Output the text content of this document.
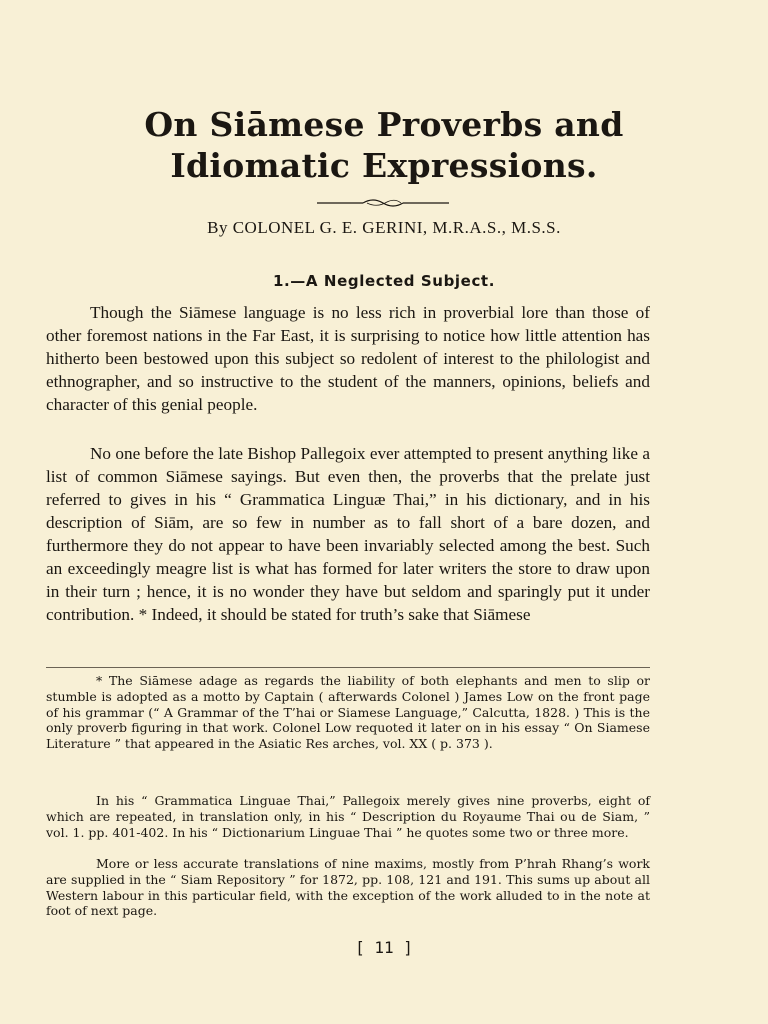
On Siāmese Proverbs and
Idiomatic Expressions.
By COLONEL G. E. GERINI, M.R.A.S., M.S.S.
1.—A Neglected Subject.

Though the Siāmese language is no less rich in proverbial lore than those of other foremost nations in the Far East, it is surprising to notice how little attention has hitherto been bestowed upon this subject so redolent of interest to the philologist and ethnographer, and so instructive to the student of the manners, opinions, beliefs and character of this genial people.

No one before the late Bishop Pallegoix ever attempted to present anything like a list of common Siāmese sayings. But even then, the proverbs that the prelate just referred to gives in his “ Grammatica Linguæ Thai,” in his dictionary, and in his description of Siām, are so few in number as to fall short of a bare dozen, and furthermore they do not appear to have been invariably selected among the best. Such an exceedingly meagre list is what has formed for later writers the store to draw upon in their turn ; hence, it is no wonder they have but seldom and sparingly put it under contribution. * Indeed, it should be stated for truth’s sake that Siāmese

* The Siāmese adage as regards the liability of both elephants and men to slip or stumble is adopted as a motto by Captain ( afterwards Colonel ) James Low on the front page of his grammar (“ A Grammar of the T’hai or Siamese Language,” Calcutta, 1828. ) This is the only proverb figuring in that work. Colonel Low requoted it later on in his essay “ On Siamese Literature ” that appeared in the Asiatic Res arches, vol. XX ( p. 373 ).

In his “ Grammatica Linguae Thai,” Pallegoix merely gives nine proverbs, eight of which are repeated, in translation only, in his “ Description du Royaume Thai ou de Siam, ” vol. 1. pp. 401-402. In his “ Dictionarium Linguae Thai ” he quotes some two or three more.

More or less accurate translations of nine maxims, mostly from P’hrah Rhang’s work are supplied in the “ Siam Repository ” for 1872, pp. 108, 121 and 191. This sums up about all Western labour in this particular field, with the exception of the work alluded to in the note at foot of next page.

[ 11 ]
